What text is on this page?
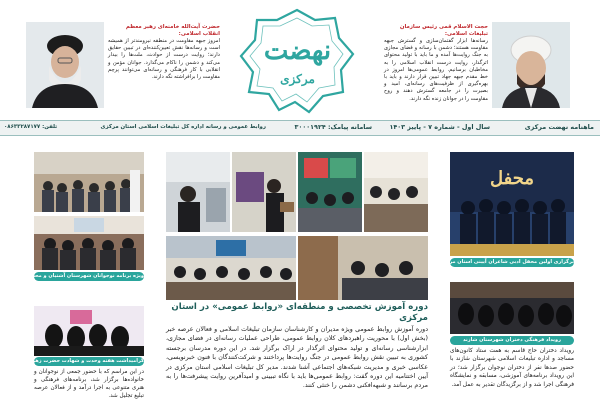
حجت الاسلام قمی رئیس سازمان تبلیغات اسلامی:
رسانه‌ها ابزار گفتمان‌سازی و گسترش جبهه مقاومت هستند؛ دشمن با رسانه و فضای مجازی به جنگ روایت‌ها آمده و ما باید با تولید محتوای اثرگذار، روایت درست انقلاب اسلامی را به مخاطبان برسانیم. روابط عمومی‌ها امروز در خط مقدم جبهه جهاد تبیین قرار دارند و باید با بهره‌گیری از ظرفیت‌های رسانه‌ای، امید و بصیرت را در جامعه گسترش دهند و روح مقاومت را در جوانان زنده نگه دارند.
نهضت
مرکزی
حضرت آیت‌الله خامنه‌ای رهبر معظم انقلاب اسلامی:
امروز جبهه مقاومت در منطقه نیرومندتر از همیشه است و رسانه‌ها نقش تعیین‌کننده‌ای در تبیین حقایق دارند؛ روایت درست از حوادث، ملت‌ها را بیدار می‌کند و دشمن را ناکام می‌گذارد. جوانان مؤمن و انقلابی با کار فرهنگی و رسانه‌ای می‌توانند پرچم مقاومت را برافراشته نگه دارند.
ماهنامه نهضت مرکزی
سال اول - شماره ۷ - پاییز ۱۴۰۳
سامانه پیامک: ۳۰۰۰۱۹۲۴
روابط عمومی و رسانه اداره کل تبلیغات اسلامی استان مرکزی
تلفن: ۰۸۶۳۳۲۸۷۱۷۷
ویژه برنامه نوجوانان شهرستان آشتیان و محلات
گرامیداشت هفته وحدت و شهادت حضرت زهرا (س)
در این مراسم که با حضور جمعی از نوجوانان و خانواده‌ها برگزار شد، برنامه‌های فرهنگی و هنری متنوعی به اجرا درآمد و از فعالان عرصه تبلیغ تجلیل شد.
دوره آموزش تخصصی و منطقه‌ای «روابط عمومی» در استان مرکزی
دوره آموزش روابط عمومی ویژه مدیران و کارشناسان سازمان تبلیغات اسلامی و فعالان عرصه خبر (بخش اول) با محوریت راهبردهای کلان روابط عمومی، طراحی عملیات رسانه‌ای در فضای مجازی، ابزارشناسی رسانه‌ای و تولید محتوای اثرگذار در اراک برگزار شد. در این دوره مدرسان برجسته کشوری به تبیین نقش روابط عمومی در جنگ روایت‌ها پرداختند و شرکت‌کنندگان با فنون خبرنویسی، عکاسی خبری و مدیریت شبکه‌های اجتماعی آشنا شدند. مدیر کل تبلیغات اسلامی استان مرکزی در آیین اختتامیه این دوره گفت: روابط عمومی‌ها باید با نگاه تبیینی و امیدآفرین روایت پیشرفت‌ها را به مردم برسانند و شبهه‌افکنی دشمن را خنثی کنند.
محفل
برگزاری اولین محفل ادبی شاعران آیینی استان مرکزی
رویداد فرهنگی دختران شهرستان شازند
رویداد دختران حاج قاسم به همت ستاد کانون‌های مساجد و اداره تبلیغات اسلامی شهرستان شازند با حضور صدها نفر از دختران نوجوان برگزار شد؛ در این رویداد برنامه‌های آموزشی، مسابقه و نمایشگاه فرهنگی اجرا شد و از برگزیدگان تقدیر به عمل آمد.
